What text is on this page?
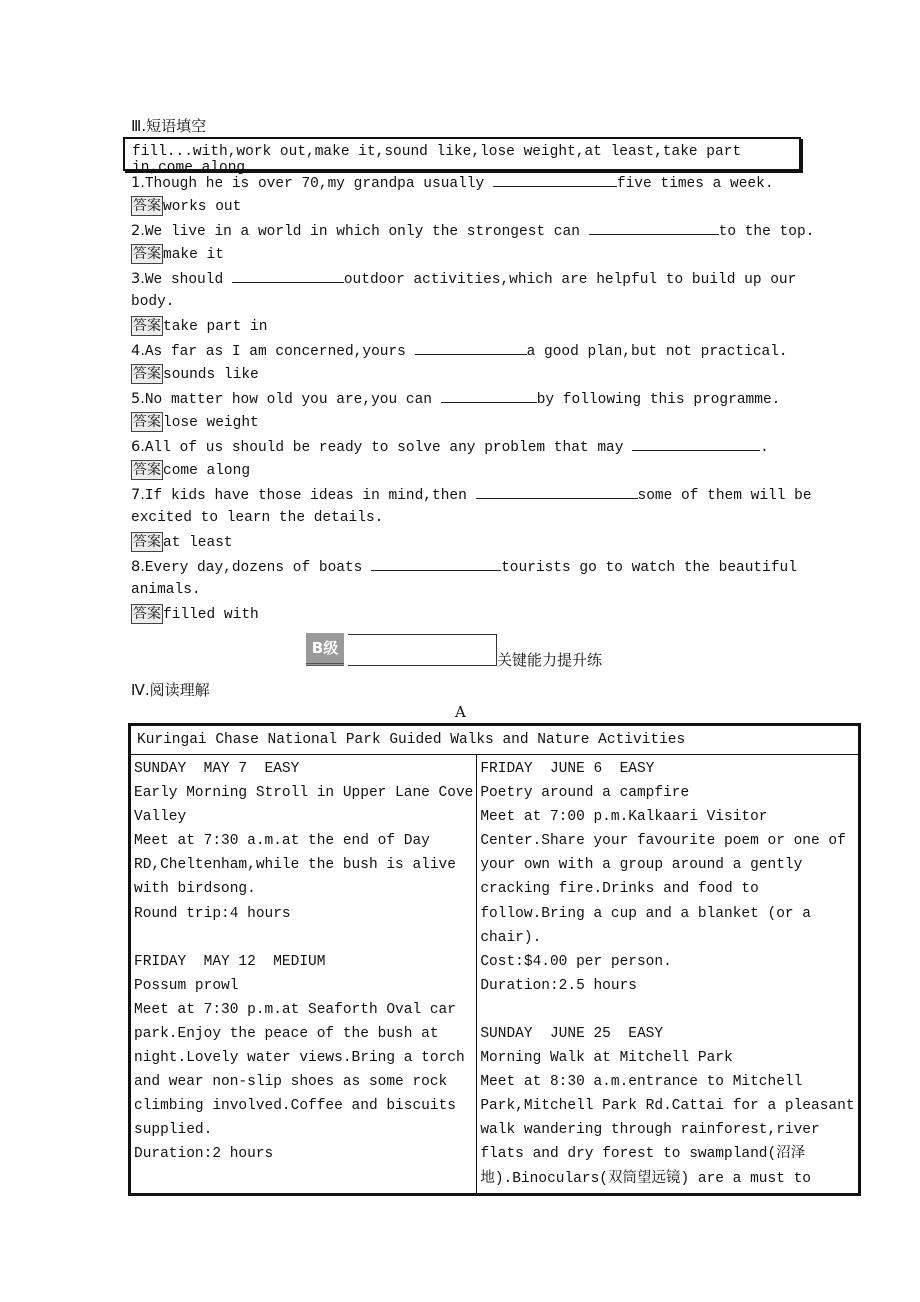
Ⅲ.短语填空
fill...with,work out,make it,sound like,lose weight,at least,take part in,come along
1.Though he is over 70,my grandpa usually	five times a week.
答案 works out
2.We live in a world in which only the strongest can	to the top.
答案 make it
3.We should	outdoor activities,which are helpful to build up our
body.
答案 take part in
4.As far as I am concerned,yours	a good plan,but not practical.
答案 sounds like
5.No matter how old you are,you can	by following this programme.
答案 lose weight
6.All of us should be ready to solve any problem that may	.
答案 come along
7.If kids have those ideas in mind,then	some of them will be
excited to learn the details.
答案 at least
8.Every day,dozens of boats	tourists go to watch the beautiful
animals.
答案 filled with
B级
关键能力提升练
Ⅳ.阅读理解
A
Kuringai Chase National Park Guided Walks and Nature Activities

SUNDAY  MAY 7  EASY
Early Morning Stroll in Upper Lane Cove
Valley
Meet at 7:30 a.m.at the end of Day
RD,Cheltenham,while the bush is alive
with birdsong.
Round trip:4 hours
FRIDAY  MAY 12  MEDIUM
Possum prowl
Meet at 7:30 p.m.at Seaforth Oval car
park.Enjoy the peace of the bush at
night.Lovely water views.Bring a torch
and wear non-slip shoes as some rock
climbing involved.Coffee and biscuits
supplied.
Duration:2 hours

FRIDAY  JUNE 6  EASY
Poetry around a campfire
Meet at 7:00 p.m.Kalkaari Visitor
Center.Share your favourite poem or one of
your own with a group around a gently
cracking fire.Drinks and food to
follow.Bring a cup and a blanket (or a
chair).
Cost:$4.00 per person.
Duration:2.5 hours
SUNDAY  JUNE 25  EASY
Morning Walk at Mitchell Park
Meet at 8:30 a.m.entrance to Mitchell
Park,Mitchell Park Rd.Cattai for a pleasant
walk wandering through rainforest,river
flats and dry forest to swampland(沼泽
地).Binoculars(双筒望远镜) are a must to
